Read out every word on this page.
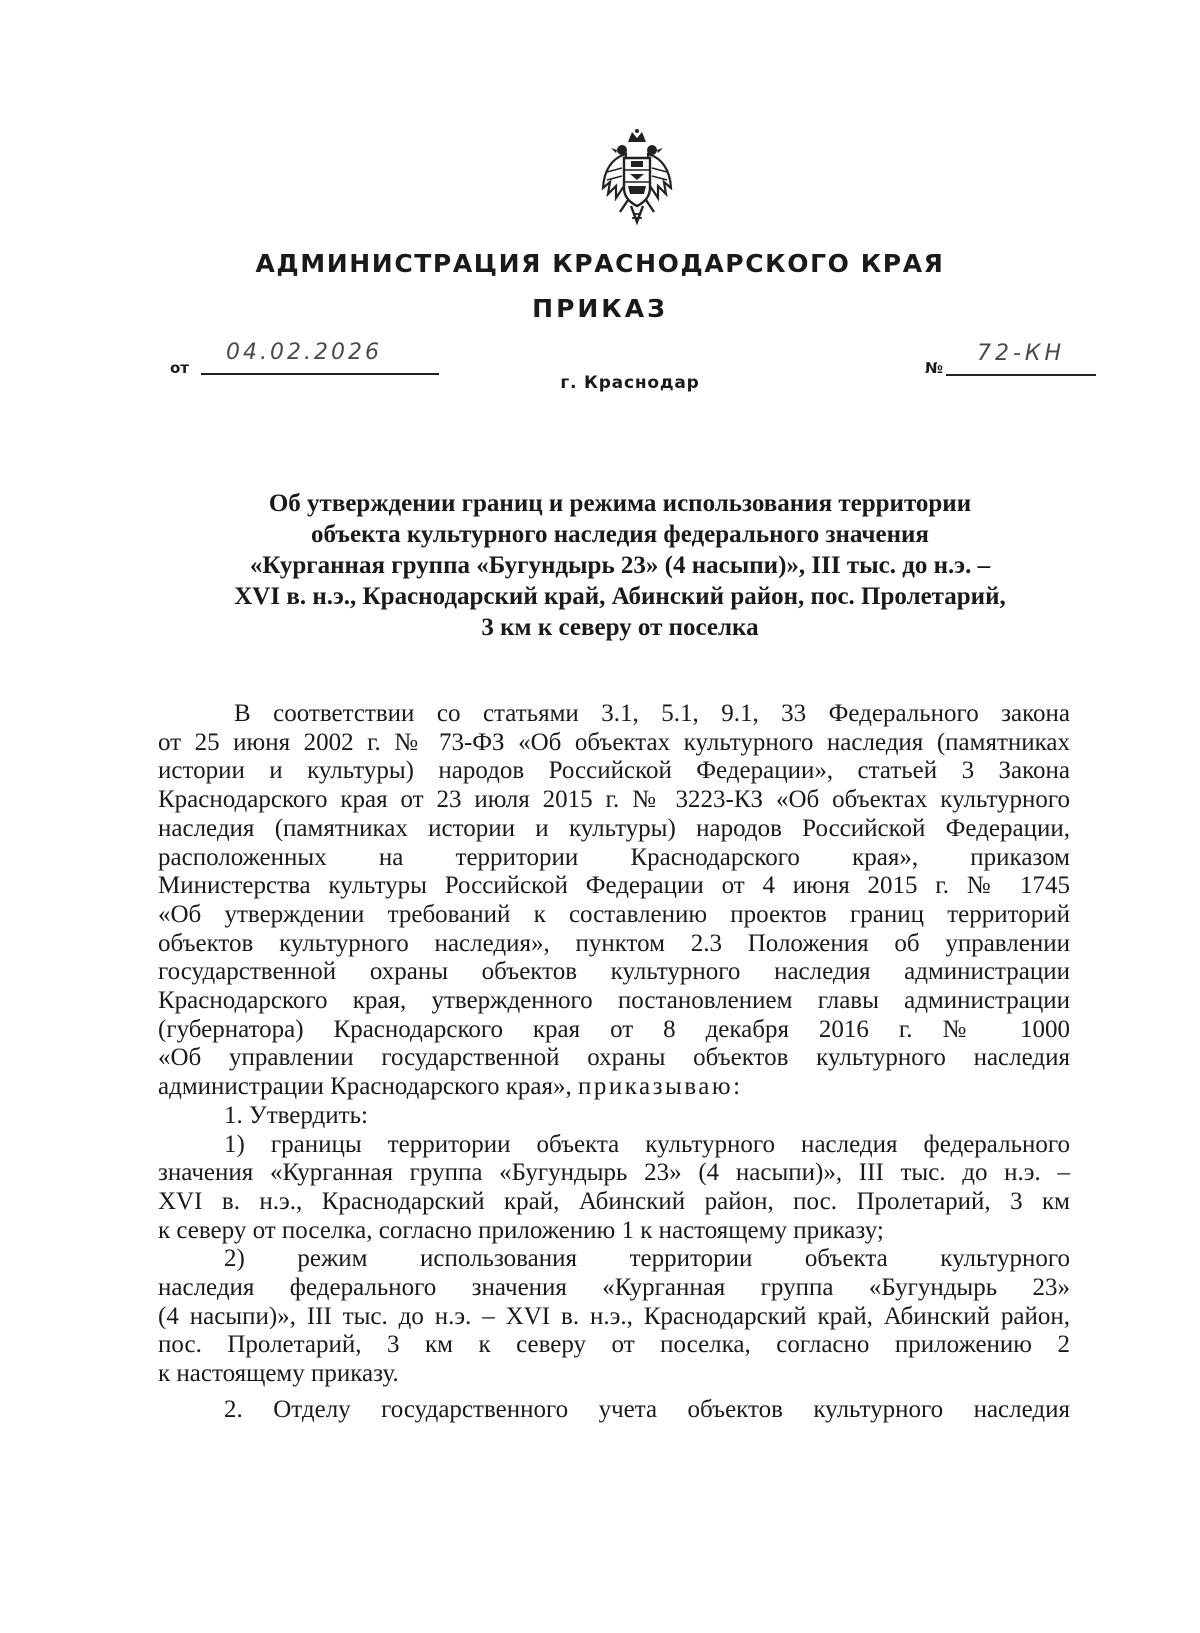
АДМИНИСТРАЦИЯ КРАСНОДАРСКОГО КРАЯ
ПРИКАЗ
от
04.02.2026
№
72-КН
г. Краснодар
Об утверждении границ и режима использования территории
объекта культурного наследия федерального значения
«Курганная группа «Бугундырь 23» (4 насыпи)», III тыс. до н.э. –
XVI в. н.э., Краснодарский край, Абинский район, пос. Пролетарий,
3 км к северу от поселка

В соответствии со статьями 3.1, 5.1, 9.1, 33 Федерального закона

от 25 июня 2002 г. № 73-ФЗ «Об объектах культурного наследия (памятниках

истории и культуры) народов Российской Федерации», статьей 3 Закона

Краснодарского края от 23 июля 2015 г. № 3223-КЗ «Об объектах культурного

наследия (памятниках истории и культуры) народов Российской Федерации,

расположенных на территории Краснодарского края», приказом

Министерства культуры Российской Федерации от 4 июня 2015 г. № 1745

«Об утверждении требований к составлению проектов границ территорий

объектов культурного наследия», пунктом 2.3 Положения об управлении

государственной охраны объектов культурного наследия администрации

Краснодарского края, утвержденного постановлением главы администрации

(губернатора) Краснодарского края от 8 декабря 2016 г. № 1000

«Об управлении государственной охраны объектов культурного наследия

администрации Краснодарского края», приказываю:

1. Утвердить:

1) границы территории объекта культурного наследия федерального

значения «Курганная группа «Бугундырь 23» (4 насыпи)», III тыс. до н.э. –

XVI в. н.э., Краснодарский край, Абинский район, пос. Пролетарий, 3 км

к северу от поселка, согласно приложению 1 к настоящему приказу;

2) режим использования территории объекта культурного

наследия федерального значения «Курганная группа «Бугундырь 23»

(4 насыпи)», III тыс. до н.э. – XVI в. н.э., Краснодарский край, Абинский район,

пос. Пролетарий, 3 км к северу от поселка, согласно приложению 2

к настоящему приказу.

2. Отделу государственного учета объектов культурного наследия
